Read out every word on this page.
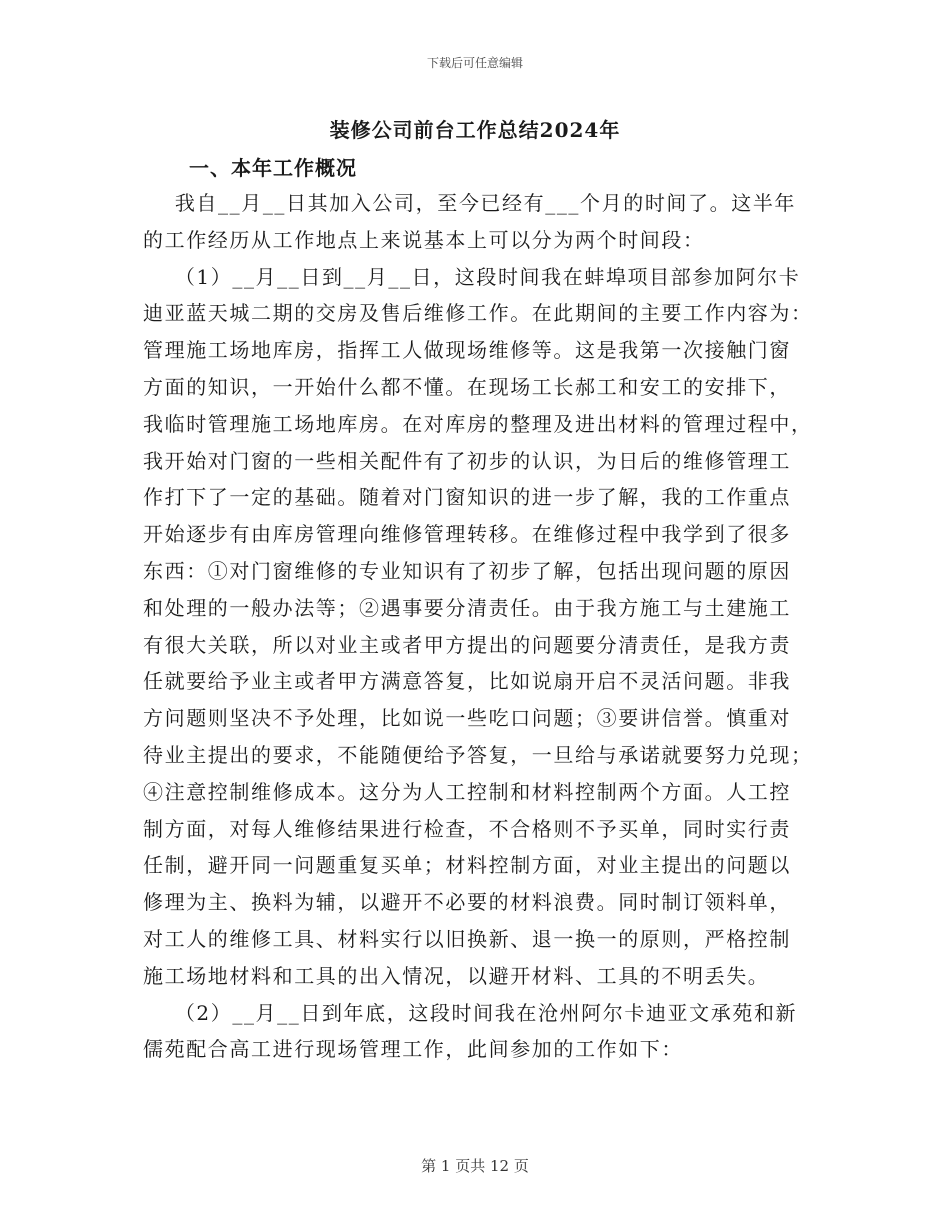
下载后可任意编辑
装修公司前台工作总结2024年
一、本年工作概况
我自__月__日其加入公司，至今已经有___个月的时间了。这半年
的工作经历从工作地点上来说基本上可以分为两个时间段：
（1）__月__日到__月__日，这段时间我在蚌埠项目部参加阿尔卡
迪亚蓝天城二期的交房及售后维修工作。在此期间的主要工作内容为：
管理施工场地库房，指挥工人做现场维修等。这是我第一次接触门窗
方面的知识，一开始什么都不懂。在现场工长郝工和安工的安排下，
我临时管理施工场地库房。在对库房的整理及进出材料的管理过程中，
我开始对门窗的一些相关配件有了初步的认识，为日后的维修管理工
作打下了一定的基础。随着对门窗知识的进一步了解，我的工作重点
开始逐步有由库房管理向维修管理转移。在维修过程中我学到了很多
东西：①对门窗维修的专业知识有了初步了解，包括出现问题的原因
和处理的一般办法等；②遇事要分清责任。由于我方施工与土建施工
有很大关联，所以对业主或者甲方提出的问题要分清责任，是我方责
任就要给予业主或者甲方满意答复，比如说扇开启不灵活问题。非我
方问题则坚决不予处理，比如说一些吃口问题；③要讲信誉。慎重对
待业主提出的要求，不能随便给予答复，一旦给与承诺就要努力兑现；
④注意控制维修成本。这分为人工控制和材料控制两个方面。人工控
制方面，对每人维修结果进行检查，不合格则不予买单，同时实行责
任制，避开同一问题重复买单；材料控制方面，对业主提出的问题以
修理为主、换料为辅，以避开不必要的材料浪费。同时制订领料单，
对工人的维修工具、材料实行以旧换新、退一换一的原则，严格控制
施工场地材料和工具的出入情况，以避开材料、工具的不明丢失。
（2）__月__日到年底，这段时间我在沧州阿尔卡迪亚文承苑和新
儒苑配合高工进行现场管理工作，此间参加的工作如下：
第 1 页共 12 页
